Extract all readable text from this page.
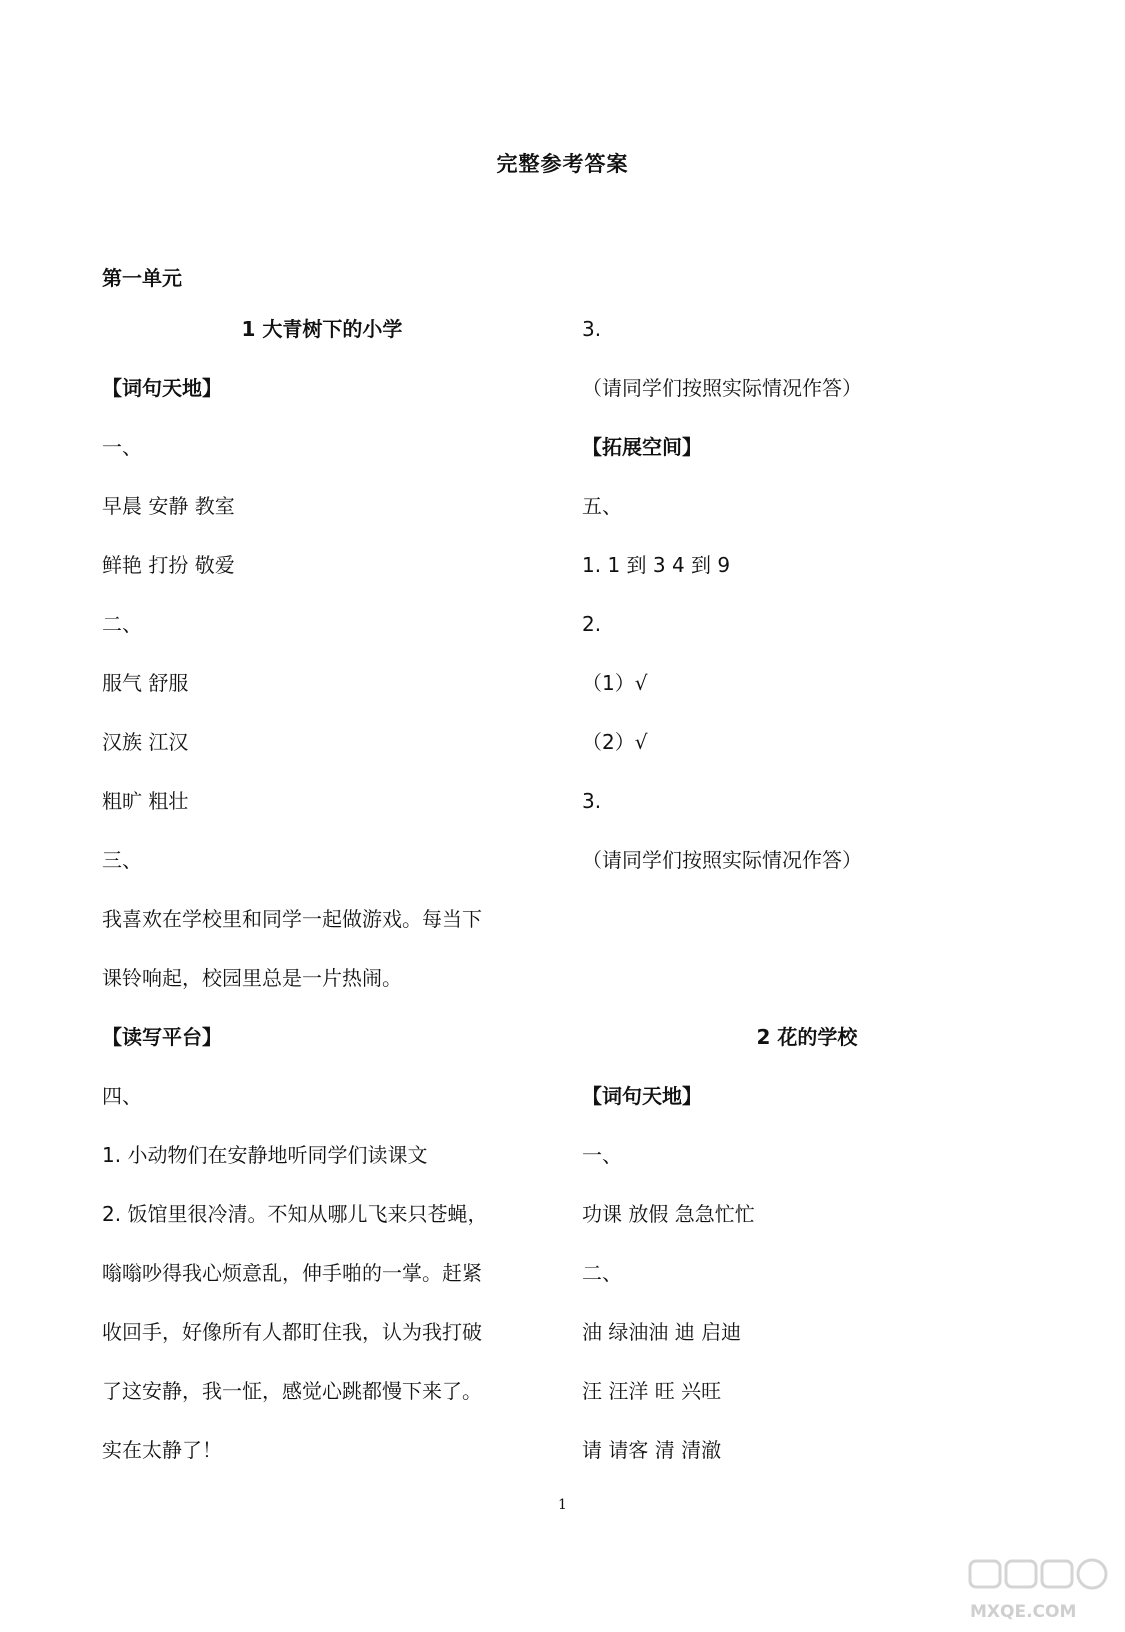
完整参考答案
第一单元
1 大青树下的小学
【词句天地】
一、
早晨 安静 教室
鲜艳 打扮 敬爱
二、
服气 舒服
汉族 江汉
粗旷 粗壮
三、
我喜欢在学校里和同学一起做游戏。每当下
课铃响起，校园里总是一片热闹。
【读写平台】
四、
1. 小动物们在安静地听同学们读课文
2. 饭馆里很冷清。不知从哪儿飞来只苍蝇，
嗡嗡吵得我心烦意乱，伸手啪的一掌。赶紧
收回手，好像所有人都盯住我，认为我打破
了这安静，我一怔，感觉心跳都慢下来了。
实在太静了！
3.
（请同学们按照实际情况作答）
【拓展空间】
五、
1. 1 到 3 4 到 9
2.
（1）√
（2）√
3.
（请同学们按照实际情况作答）
2 花的学校
【词句天地】
一、
功课 放假 急急忙忙
二、
油 绿油油 迪 启迪
汪 汪洋 旺 兴旺
请 请客 清 清澈
1
MXQE.COM
